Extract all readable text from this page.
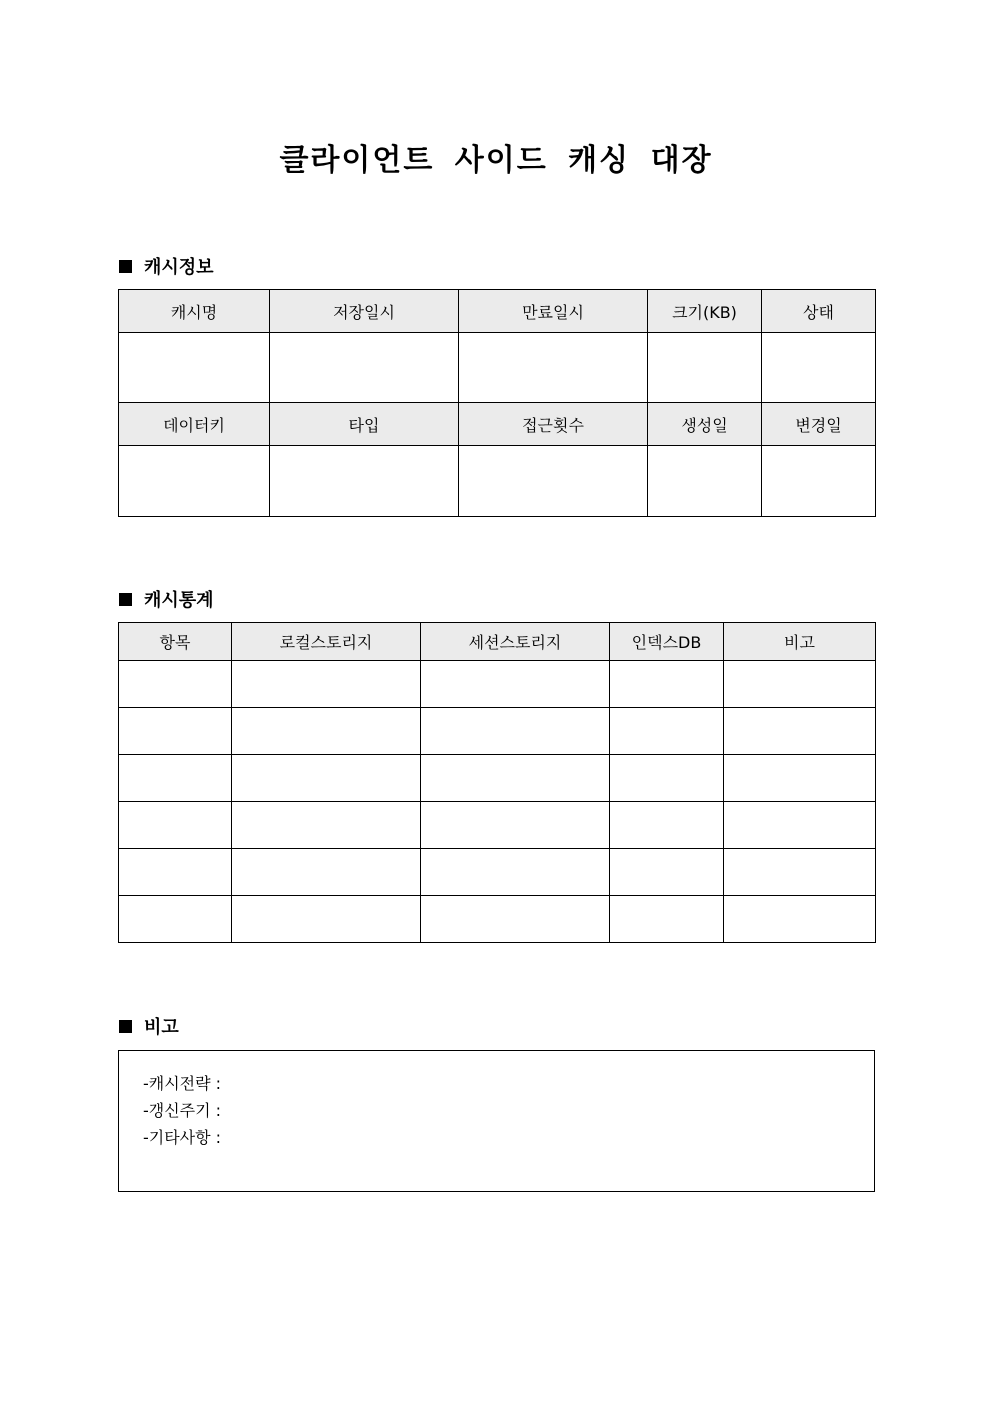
클라이언트 사이드 캐싱 대장
캐시정보
캐시명	저장일시	만료일시	크기(KB)	상태

데이터키	타입	접근횟수	생성일	변경일

캐시통계
항목	로컬스토리지	세션스토리지	인덱스DB	비고

비고
-캐시전략 :
-갱신주기 :
-기타사항 :
